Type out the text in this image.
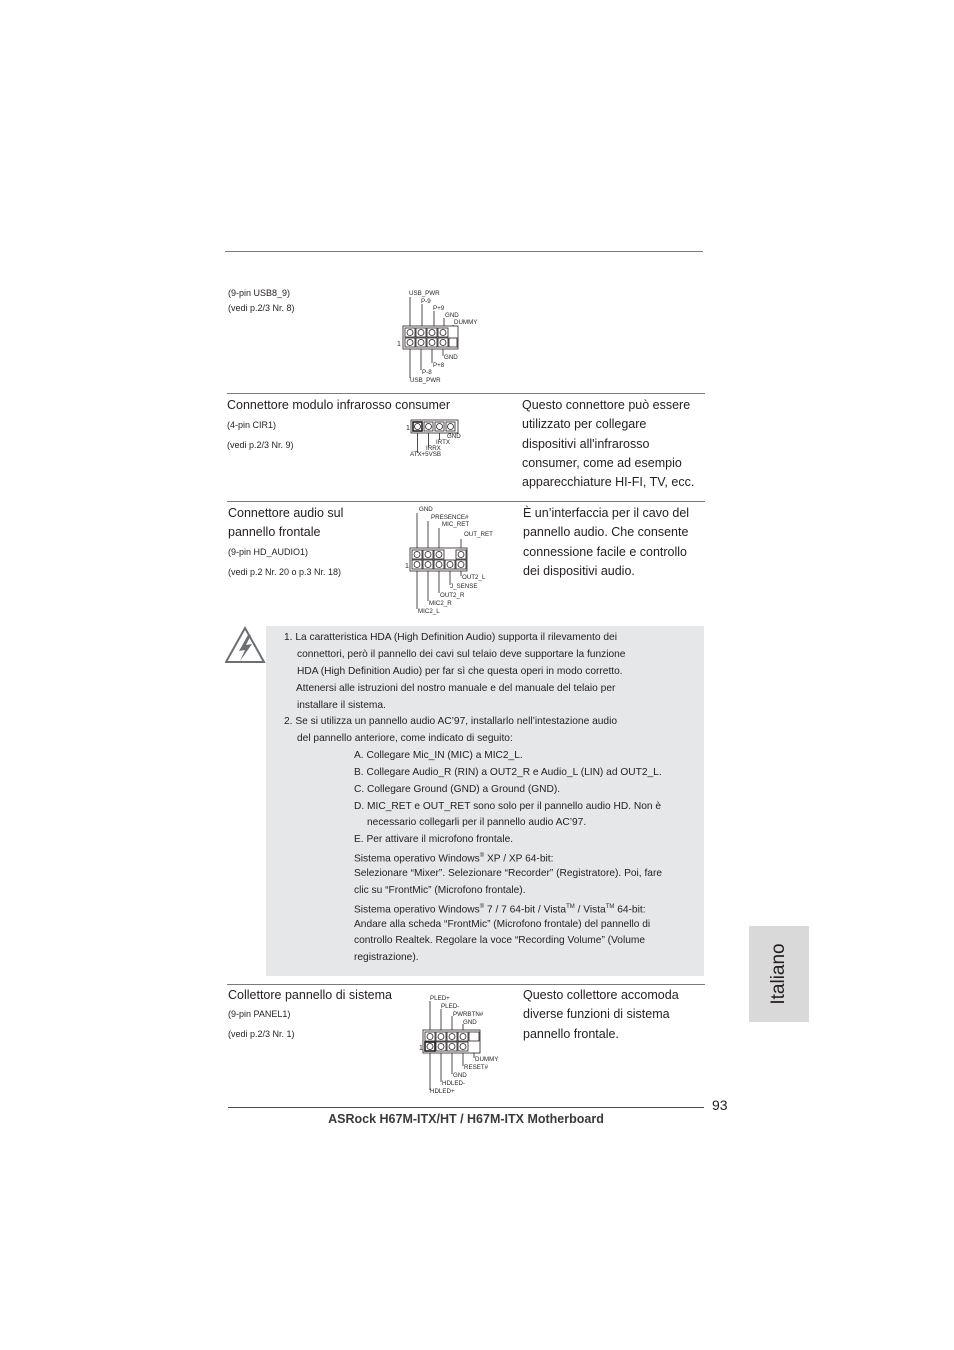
(9-pin USB8_9)
(vedi p.2/3 Nr. 8)
USB_PWR
P-9
P+9
GND
DUMMY
1
GND
P+8
P-8
USB_PWR
Connettore modulo infrarosso consumer
(4-pin CIR1)
(vedi p.2/3 Nr. 9)
1
GND
IRTX
IRRX
ATX+5VSB
Questo connettore può essere
utilizzato per collegare
dispositivi all'infrarosso
consumer, come ad esempio
apparecchiature HI-FI, TV, ecc.
Connettore audio sul
pannello frontale
(9-pin HD_AUDIO1)
(vedi p.2 Nr. 20 o p.3 Nr. 18)
GND
PRESENCE#
MIC_RET
OUT_RET
1
OUT2_L
J_SENSE
OUT2_R
MIC2_R
MIC2_L
È un’interfaccia per il cavo del
pannello audio. Che consente
connessione facile e controllo
dei dispositivi audio.
1. La caratteristica HDA (High Definition Audio) supporta il rilevamento dei
connettori, però il pannello dei cavi sul telaio deve supportare la funzione
HDA (High Definition Audio) per far sì che questa operi in modo corretto.
Attenersi alle istruzioni del nostro manuale e del manuale del telaio per
installare il sistema.
2. Se si utilizza un pannello audio AC’97, installarlo nell’intestazione audio
del pannello anteriore, come indicato di seguito:
A. Collegare Mic_IN (MIC) a MIC2_L.
B. Collegare Audio_R (RIN) a OUT2_R e Audio_L (LIN) ad OUT2_L.
C. Collegare Ground (GND) a Ground (GND).
D. MIC_RET e OUT_RET sono solo per il pannello audio HD. Non è
necessario collegarli per il pannello audio AC’97.
E. Per attivare il microfono frontale.
Sistema operativo Windows® XP / XP 64-bit:
Selezionare “Mixer”. Selezionare “Recorder” (Registratore). Poi, fare
clic su “FrontMic” (Microfono frontale).
Sistema operativo Windows® 7 / 7 64-bit / Vista™ / Vista™ 64-bit:
Andare alla scheda “FrontMic” (Microfono frontale) del pannello di
controllo Realtek. Regolare la voce “Recording Volume” (Volume
registrazione).
Collettore pannello di sistema
(9-pin PANEL1)
(vedi p.2/3 Nr. 1)
PLED+
PLED-
PWRBTN#
GND
1
DUMMY
RESET#
GND
HDLED-
HDLED+
Questo collettore accomoda
diverse funzioni di sistema
pannello frontale.
Italiano
93
ASRock H67M-ITX/HT / H67M-ITX Motherboard
